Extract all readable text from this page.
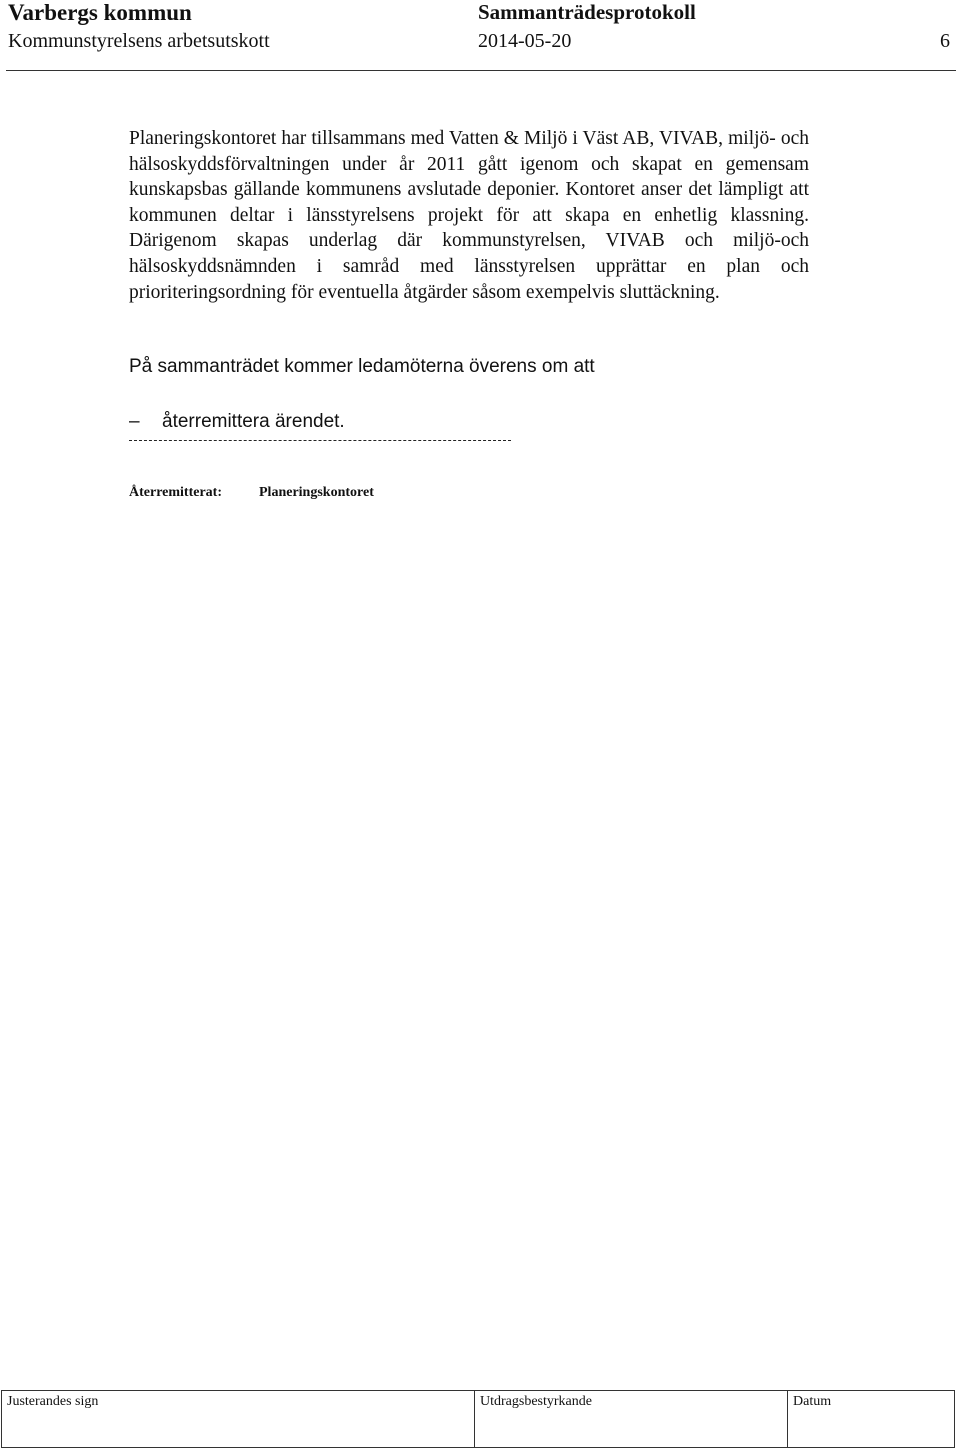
Varbergs kommun	Sammanträdesprotokoll
Kommunstyrelsens arbetsutskott	2014-05-20	6

Planeringskontoret har tillsammans med Vatten & Miljö i Väst AB, VIVAB, miljö- och hälsoskyddsförvaltningen under år 2011 gått igenom och skapat en gemensam kunskapsbas gällande kommunens avslutade deponier. Kontoret anser det lämpligt att kommunen deltar i länsstyrelsens projekt för att skapa en enhetlig klassning. Därigenom skapas underlag där kommunstyrelsen, VIVAB och miljö-och hälsoskyddsnämnden i samråd med länsstyrelsen upprättar en plan och prioriteringsordning för eventuella åtgärder såsom exempelvis sluttäckning.

På sammanträdet kommer ledamöterna överens om att
–	återremittera ärendet.
Återremitterat:	Planeringskontoret
Justerandes sign	Utdragsbestyrkande	Datum
